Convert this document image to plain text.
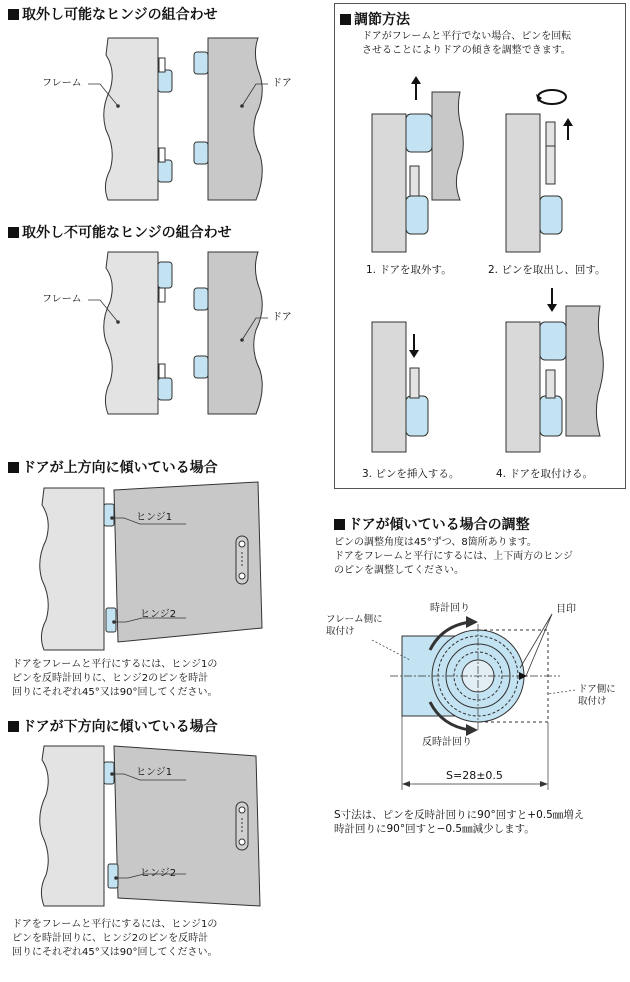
取外し可能なヒンジの組合わせ
フレーム	ドア
取外し不可能なヒンジの組合わせ
フレーム
ドア
ドアが上方向に傾いている場合
ヒンジ1
ヒンジ2
ドアをフレームと平行にするには、ヒンジ1の
ピンを反時計回りに、ヒンジ2のピンを時計
回りにそれぞれ45°又は90°回してください。
ドアが下方向に傾いている場合
ヒンジ1
ヒンジ2
ドアをフレームと平行にするには、ヒンジ1の
ピンを時計回りに、ヒンジ2のピンを反時計
回りにそれぞれ45°又は90°回してください。
調節方法
ドアがフレームと平行でない場合、ピンを回転
させることによりドアの傾きを調整できます。
1. ドアを取外す。	2. ピンを取出し、回す。
3. ピンを挿入する。	4. ドアを取付ける。
ドアが傾いている場合の調整
ピンの調整角度は45°ずつ、8箇所あります。
ドアをフレームと平行にするには、上下両方のヒンジ
のピンを調整してください。
フレーム側に
取付け
時計回り	目印
ドア側に
取付け
反時計回り
S=28±0.5
S寸法は、ピンを反時計回りに90°回すと+0.5㎜増え
時計回りに90°回すと−0.5㎜減少します。
